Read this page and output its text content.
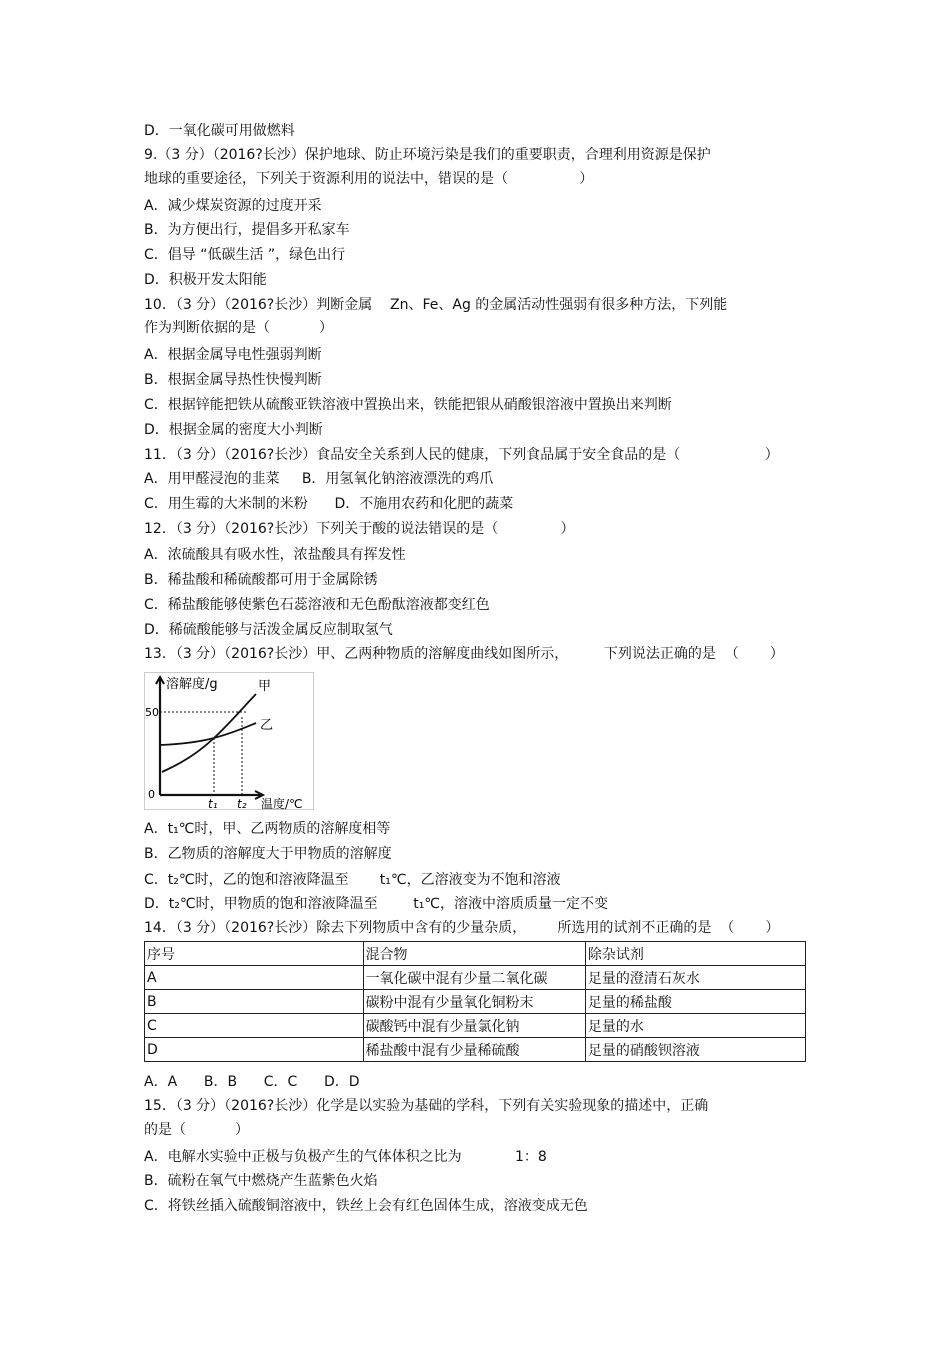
D．一氧化碳可用做燃料
9.（3 分）（2016?长沙）保护地球、防止环境污染是我们的重要职责，合理利用资源是保护
地球的重要途径，下列关于资源利用的说法中，错误的是（                ）
A．减少煤炭资源的过度开采
B．为方便出行，提倡多开私家车
C．倡导 “低碳生活 ”，绿色出行
D．积极开发太阳能
10．（3 分）（2016?长沙）判断金属    Zn、Fe、Ag 的金属活动性强弱有很多种方法，下列能
作为判断依据的是（           ）
A．根据金属导电性强弱判断
B．根据金属导热性快慢判断
C．根据锌能把铁从硫酸亚铁溶液中置换出来，铁能把银从硝酸银溶液中置换出来判断
D．根据金属的密度大小判断
11．（3 分）（2016?长沙）食品安全关系到人民的健康，下列食品属于安全食品的是（                   ）
A．用甲醛浸泡的韭菜     B．用氢氧化钠溶液漂洗的鸡爪
C．用生霉的大米制的米粉      D．不施用农药和化肥的蔬菜
12．（3 分）（2016?长沙）下列关于酸的说法错误的是（              ）
A．浓硫酸具有吸水性，浓盐酸具有挥发性
B．稀盐酸和稀硫酸都可用于金属除锈
C．稀盐酸能够使紫色石蕊溶液和无色酚酞溶液都变红色
D．稀硫酸能够与活泼金属反应制取氢气
13．（3 分）（2016?长沙）甲、乙两种物质的溶解度曲线如图所示，        下列说法正确的是  （       ）
溶解度/g	甲
乙
50
0
t₁ t₂ 温度/℃
A．t₁℃时，甲、乙两物质的溶解度相等
B．乙物质的溶解度大于甲物质的溶解度
C．t₂℃时，乙的饱和溶液降温至       t₁℃，乙溶液变为不饱和溶液
D．t₂℃时，甲物质的饱和溶液降温至        t₁℃，溶液中溶质质量一定不变
14．（3 分）（2016?长沙）除去下列物质中含有的少量杂质，       所选用的试剂不正确的是  （       ）
序号	混合物	除杂试剂
A	一氧化碳中混有少量二氧化碳	足量的澄清石灰水
B	碳粉中混有少量氧化铜粉末	足量的稀盐酸
C	碳酸钙中混有少量氯化钠	足量的水
D	稀盐酸中混有少量稀硫酸	足量的硝酸钡溶液
A．A      B．B      C．C      D．D
15．（3 分）（2016?长沙）化学是以实验为基础的学科，下列有关实验现象的描述中，正确
的是（           ）
A．电解水实验中正极与负极产生的气体体积之比为            1：8
B．硫粉在氧气中燃烧产生蓝紫色火焰
C．将铁丝插入硫酸铜溶液中，铁丝上会有红色固体生成，溶液变成无色
